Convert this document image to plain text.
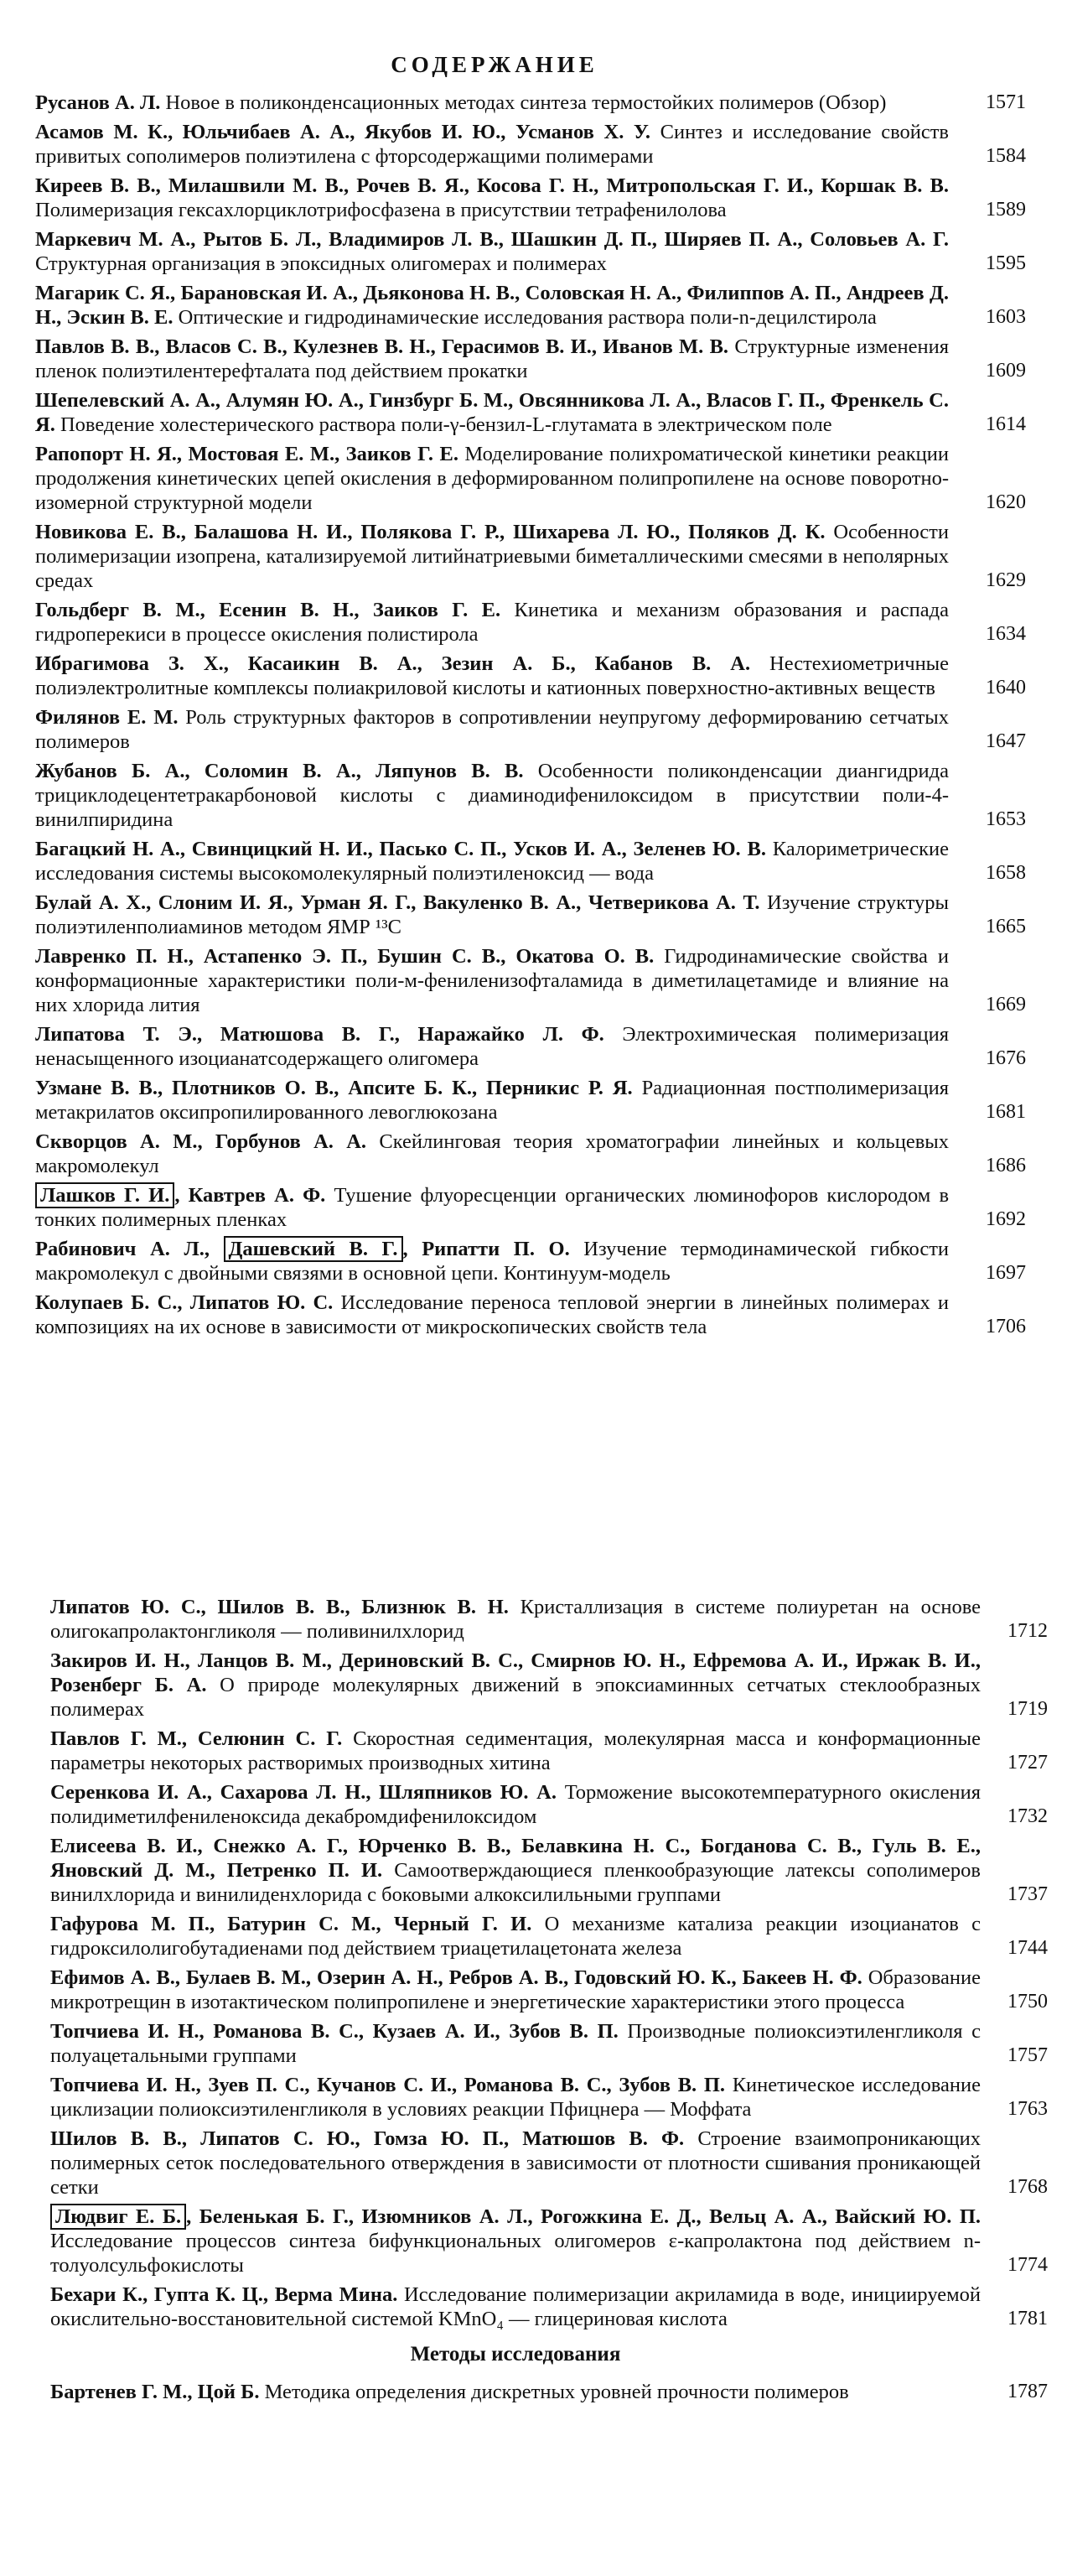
СОДЕРЖАНИЕ
Русанов А. Л. Новое в поликонденсационных методах синтеза термостойких полимеров (Обзор)	1571
Асамов М. К., Юльчибаев А. А., Якубов И. Ю., Усманов Х. У. Синтез и исследование свойств привитых сополимеров полиэтилена с фторсодержащими полимерами	1584
Киреев В. В., Милашвили М. В., Рочев В. Я., Косова Г. Н., Митропольская Г. И., Коршак В. В. Полимеризация гексахлорциклотрифосфазена в присутствии тетрафенилолова	1589
Маркевич М. А., Рытов Б. Л., Владимиров Л. В., Шашкин Д. П., Ширяев П. А., Соловьев А. Г. Структурная организация в эпоксидных олигомерах и полимерах	1595
Магарик С. Я., Барановская И. А., Дьяконова Н. В., Соловская Н. А., Филиппов А. П., Андреев Д. Н., Эскин В. Е. Оптические и гидродинамические исследования раствора поли-n-децилстирола	1603
Павлов В. В., Власов С. В., Кулезнев В. Н., Герасимов В. И., Иванов М. В. Структурные изменения пленок полиэтилентерефталата под действием прокатки	1609
Шепелевский А. А., Алумян Ю. А., Гинзбург Б. М., Овсянникова Л. А., Власов Г. П., Френкель С. Я. Поведение холестерического раствора поли-γ-бензил-L-глутамата в электрическом поле	1614
Рапопорт Н. Я., Мостовая Е. М., Заиков Г. Е. Моделирование полихроматической кинетики реакции продолжения кинетических цепей окисления в деформированном полипропилене на основе поворотно-изомерной структурной модели	1620
Новикова Е. В., Балашова Н. И., Полякова Г. Р., Шихарева Л. Ю., Поляков Д. К. Особенности полимеризации изопрена, катализируемой литийнатриевыми биметаллическими смесями в неполярных средах	1629
Гольдберг В. М., Есенин В. Н., Заиков Г. Е. Кинетика и механизм образования и распада гидроперекиси в процессе окисления полистирола	1634
Ибрагимова З. Х., Касаикин В. А., Зезин А. Б., Кабанов В. А. Нестехиометричные полиэлектролитные комплексы полиакриловой кислоты и катионных поверхностно-активных веществ	1640
Филянов Е. М. Роль структурных факторов в сопротивлении неупругому деформированию сетчатых полимеров	1647
Жубанов Б. А., Соломин В. А., Ляпунов В. В. Особенности поликонденсации диангидрида трициклодецентетракарбоновой кислоты с диаминодифенилоксидом в присутствии поли-4-винилпиридина	1653
Багацкий Н. А., Свинцицкий Н. И., Пасько С. П., Усков И. А., Зеленев Ю. В. Калориметрические исследования системы высокомолекулярный полиэтиленоксид — вода	1658
Булай А. Х., Слоним И. Я., Урман Я. Г., Вакуленко В. А., Четверикова А. Т. Изучение структуры полиэтиленполиаминов методом ЯМР ¹³С	1665
Лавренко П. Н., Астапенко Э. П., Бушин С. В., Окатова О. В. Гидродинамические свойства и конформационные характеристики поли-м-фениленизофталамида в диметилацетамиде и влияние на них хлорида лития	1669
Липатова Т. Э., Матюшова В. Г., Наражайко Л. Ф. Электрохимическая полимеризация ненасыщенного изоцианатсодержащего олигомера	1676
Узмане В. В., Плотников О. В., Апсите Б. К., Перникис Р. Я. Радиационная постполимеризация метакрилатов оксипропилированного левоглюкозана	1681
Скворцов А. М., Горбунов А. А. Скейлинговая теория хроматографии линейных и кольцевых макромолекул	1686
Лашков Г. И. , Кавтрев А. Ф. Тушение флуоресценции органических люминофоров кислородом в тонких полимерных пленках	1692
Рабинович А. Л., Дашевский В. Г. , Рипатти П. О. Изучение термодинамической гибкости макромолекул с двойными связями в основной цепи. Континуум-модель	1697
Колупаев Б. С., Липатов Ю. С. Исследование переноса тепловой энергии в линейных полимерах и композициях на их основе в зависимости от микроскопических свойств тела	1706
Липатов Ю. С., Шилов В. В., Близнюк В. Н. Кристаллизация в системе полиуретан на основе олигокапролактонгликоля — поливинилхлорид	1712
Закиров И. Н., Ланцов В. М., Дериновский В. С., Смирнов Ю. Н., Ефремова А. И., Иржак В. И., Розенберг Б. А. О природе молекулярных движений в эпоксиаминных сетчатых стеклообразных полимерах	1719
Павлов Г. М., Селюнин С. Г. Скоростная седиментация, молекулярная масса и конформационные параметры некоторых растворимых производных хитина	1727
Серенкова И. А., Сахарова Л. Н., Шляпников Ю. А. Торможение высокотемпературного окисления полидиметилфениленоксида декабромдифенилоксидом	1732
Елисеева В. И., Снежко А. Г., Юрченко В. В., Белавкина Н. С., Богданова С. В., Гуль В. Е., Яновский Д. М., Петренко П. И. Самоотверждающиеся пленкообразующие латексы сополимеров винилхлорида и винилиденхлорида с боковыми алкоксилильными группами	1737
Гафурова М. П., Батурин С. М., Черный Г. И. О механизме катализа реакции изоцианатов с гидроксилолигобутадиенами под действием триацетилацетоната железа	1744
Ефимов А. В., Булаев В. М., Озерин А. Н., Ребров А. В., Годовский Ю. К., Бакеев Н. Ф. Образование микротрещин в изотактическом полипропилене и энергетические характеристики этого процесса	1750
Топчиева И. Н., Романова В. С., Кузаев А. И., Зубов В. П. Производные полиоксиэтиленгликоля с полуацетальными группами	1757
Топчиева И. Н., Зуев П. С., Кучанов С. И., Романова В. С., Зубов В. П. Кинетическое исследование циклизации полиоксиэтиленгликоля в условиях реакции Пфицнера — Моффата	1763
Шилов В. В., Липатов С. Ю., Гомза Ю. П., Матюшов В. Ф. Строение взаимопроникающих полимерных сеток последовательного отверждения в зависимости от плотности сшивания проникающей сетки	1768
Людвиг Е. Б. , Беленькая Б. Г., Изюмников А. Л., Рогожкина Е. Д., Вельц А. А., Вайский Ю. П. Исследование процессов синтеза бифункциональных олигомеров ε-капролактона под действием n-толуолсульфокислоты	1774
Бехари К., Гупта К. Ц., Верма Мина. Исследование полимеризации акриламида в воде, инициируемой окислительно-восстановительной системой KMnO₄ — глицериновая кислота	1781
Методы исследования
Бартенев Г. М., Цой Б. Методика определения дискретных уровней прочности полимеров	1787
